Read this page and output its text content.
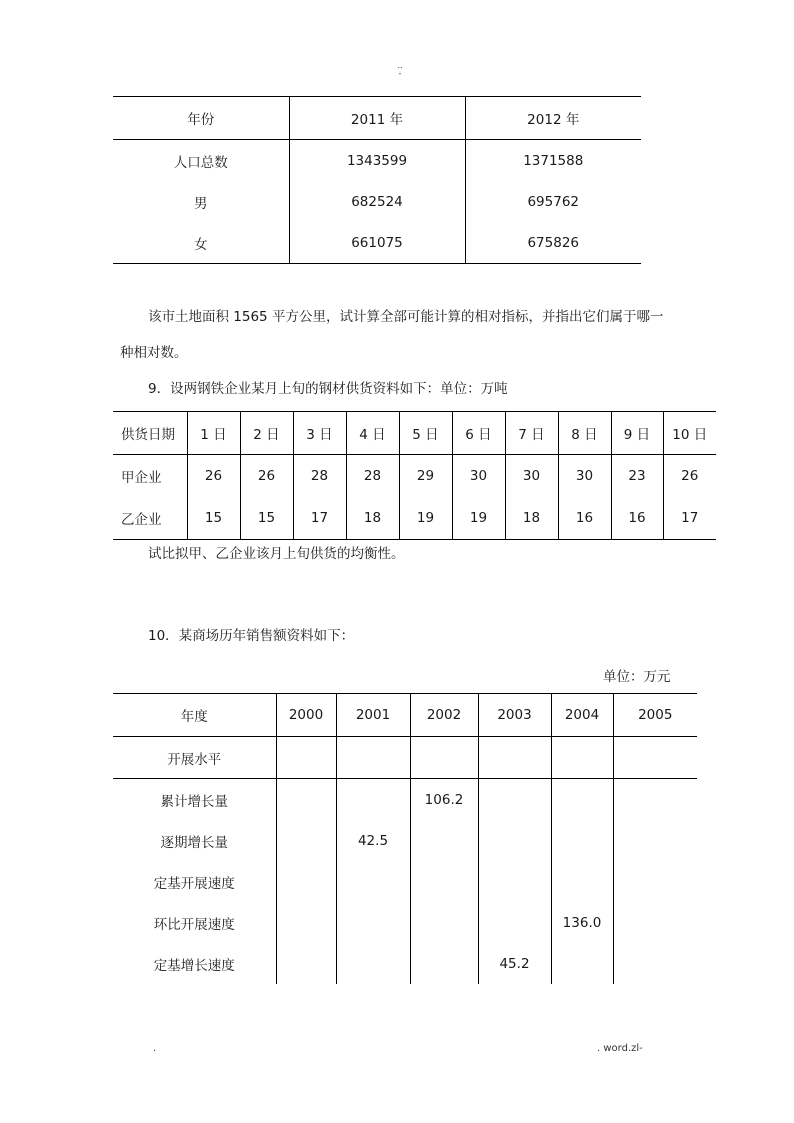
..
-
年份	2011 年	2012 年
人口总数	1343599	1371588
男	682524	695762
女	661075	675826
该市土地面积 1565 平方公里，试计算全部可能计算的相对指标，并指出它们属于哪一
种相对数。
9．设两钢铁企业某月上旬的钢材供货资料如下：单位：万吨
供货日期	1 日	2 日	3 日	4 日	5 日	6 日	7 日	8 日	9 日	10 日
甲企业	26	26	28	28	29	30	30	30	23	26
乙企业	15	15	17	18	19	19	18	16	16	17
试比拟甲、乙企业该月上旬供货的均衡性。
10．某商场历年销售额资料如下：
单位：万元
年度	2000	2001	2002	2003	2004	2005
开展水平						
累计增长量			106.2			
逐期增长量		42.5				
定基开展速度						
环比开展速度					136.0	
定基增长速度				45.2		
.	. word.zl-
